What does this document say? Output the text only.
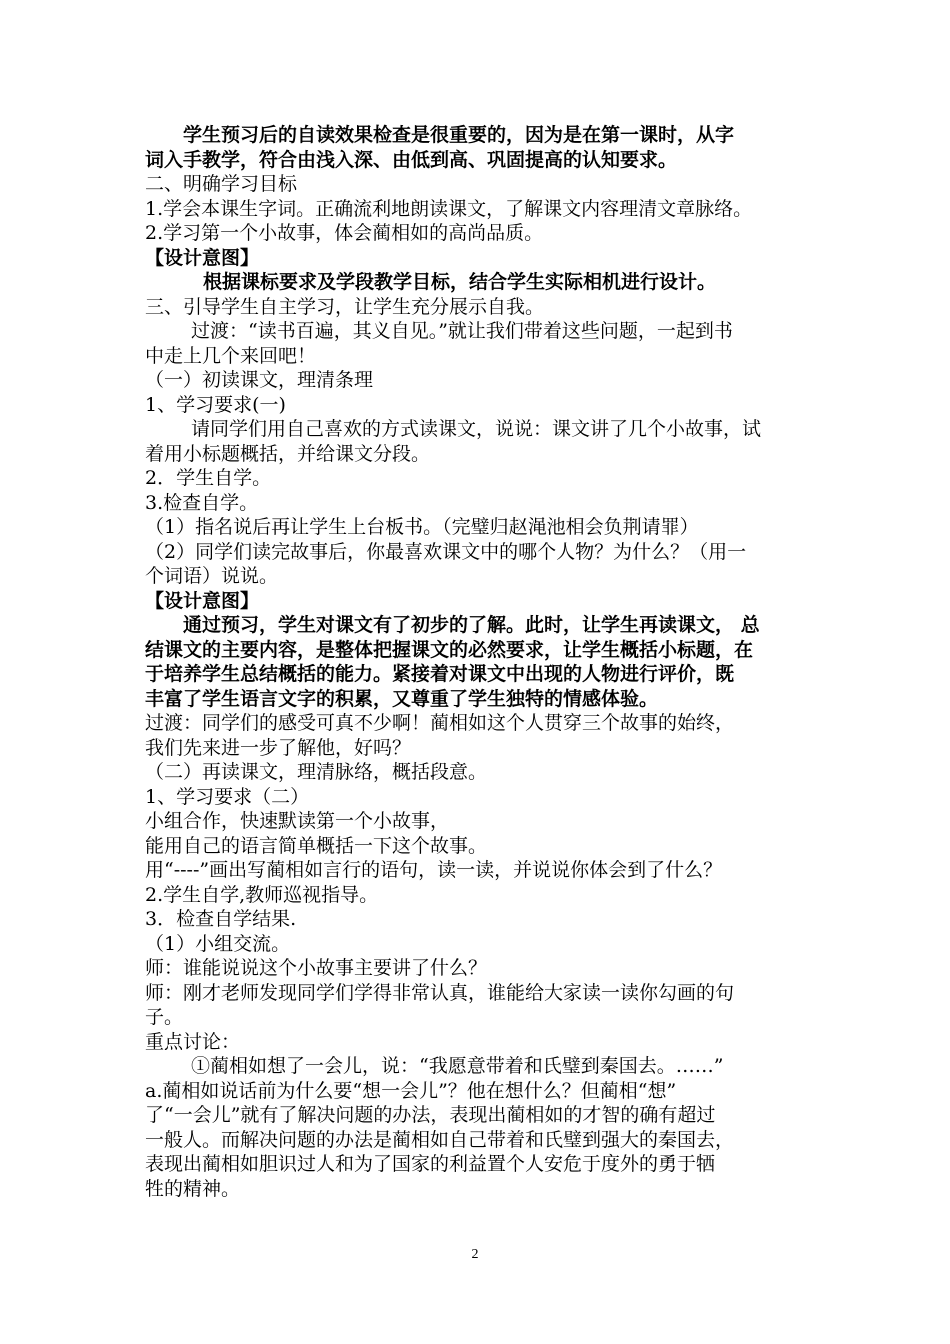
学生预习后的自读效果检查是很重要的，因为是在第一课时，从字
词入手教学，符合由浅入深、由低到高、巩固提高的认知要求。
二、明确学习目标
1.学会本课生字词。正确流利地朗读课文，了解课文内容理清文章脉络。
2.学习第一个小故事，体会蔺相如的高尚品质。
【设计意图】
根据课标要求及学段教学目标，结合学生实际相机进行设计。
三、引导学生自主学习，让学生充分展示自我。
过渡：“读书百遍，其义自见。”就让我们带着这些问题，一起到书
中走上几个来回吧！
（一）初读课文，理清条理
1、学习要求(一)
请同学们用自己喜欢的方式读课文，说说：课文讲了几个小故事，试
着用小标题概括，并给课文分段。
2．学生自学。
3.检查自学。
（1）指名说后再让学生上台板书。（完璧归赵渑池相会负荆请罪）
（2）同学们读完故事后，你最喜欢课文中的哪个人物？为什么？（用一
个词语）说说。
【设计意图】
通过预习，学生对课文有了初步的了解。此时，让学生再读课文， 总
结课文的主要内容，是整体把握课文的必然要求，让学生概括小标题，在
于培养学生总结概括的能力。紧接着对课文中出现的人物进行评价，既
丰富了学生语言文字的积累，又尊重了学生独特的情感体验。
过渡：同学们的感受可真不少啊！蔺相如这个人贯穿三个故事的始终，
我们先来进一步了解他，好吗？
（二）再读课文，理清脉络，概括段意。
1、学习要求（二）
小组合作，快速默读第一个小故事，
能用自己的语言简单概括一下这个故事。
用“----”画出写蔺相如言行的语句，读一读，并说说你体会到了什么？
2.学生自学,教师巡视指导。
3．检查自学结果.
（1）小组交流。
师：谁能说说这个小故事主要讲了什么？
师：刚才老师发现同学们学得非常认真，谁能给大家读一读你勾画的句
子。
重点讨论：
①蔺相如想了一会儿，说：“我愿意带着和氏璧到秦国去。……”
a.蔺相如说话前为什么要“想一会儿”？他在想什么？但蔺相“想”
了“一会儿”就有了解决问题的办法，表现出蔺相如的才智的确有超过
一般人。而解决问题的办法是蔺相如自己带着和氏璧到强大的秦国去，
表现出蔺相如胆识过人和为了国家的利益置个人安危于度外的勇于牺
牲的精神。
2
